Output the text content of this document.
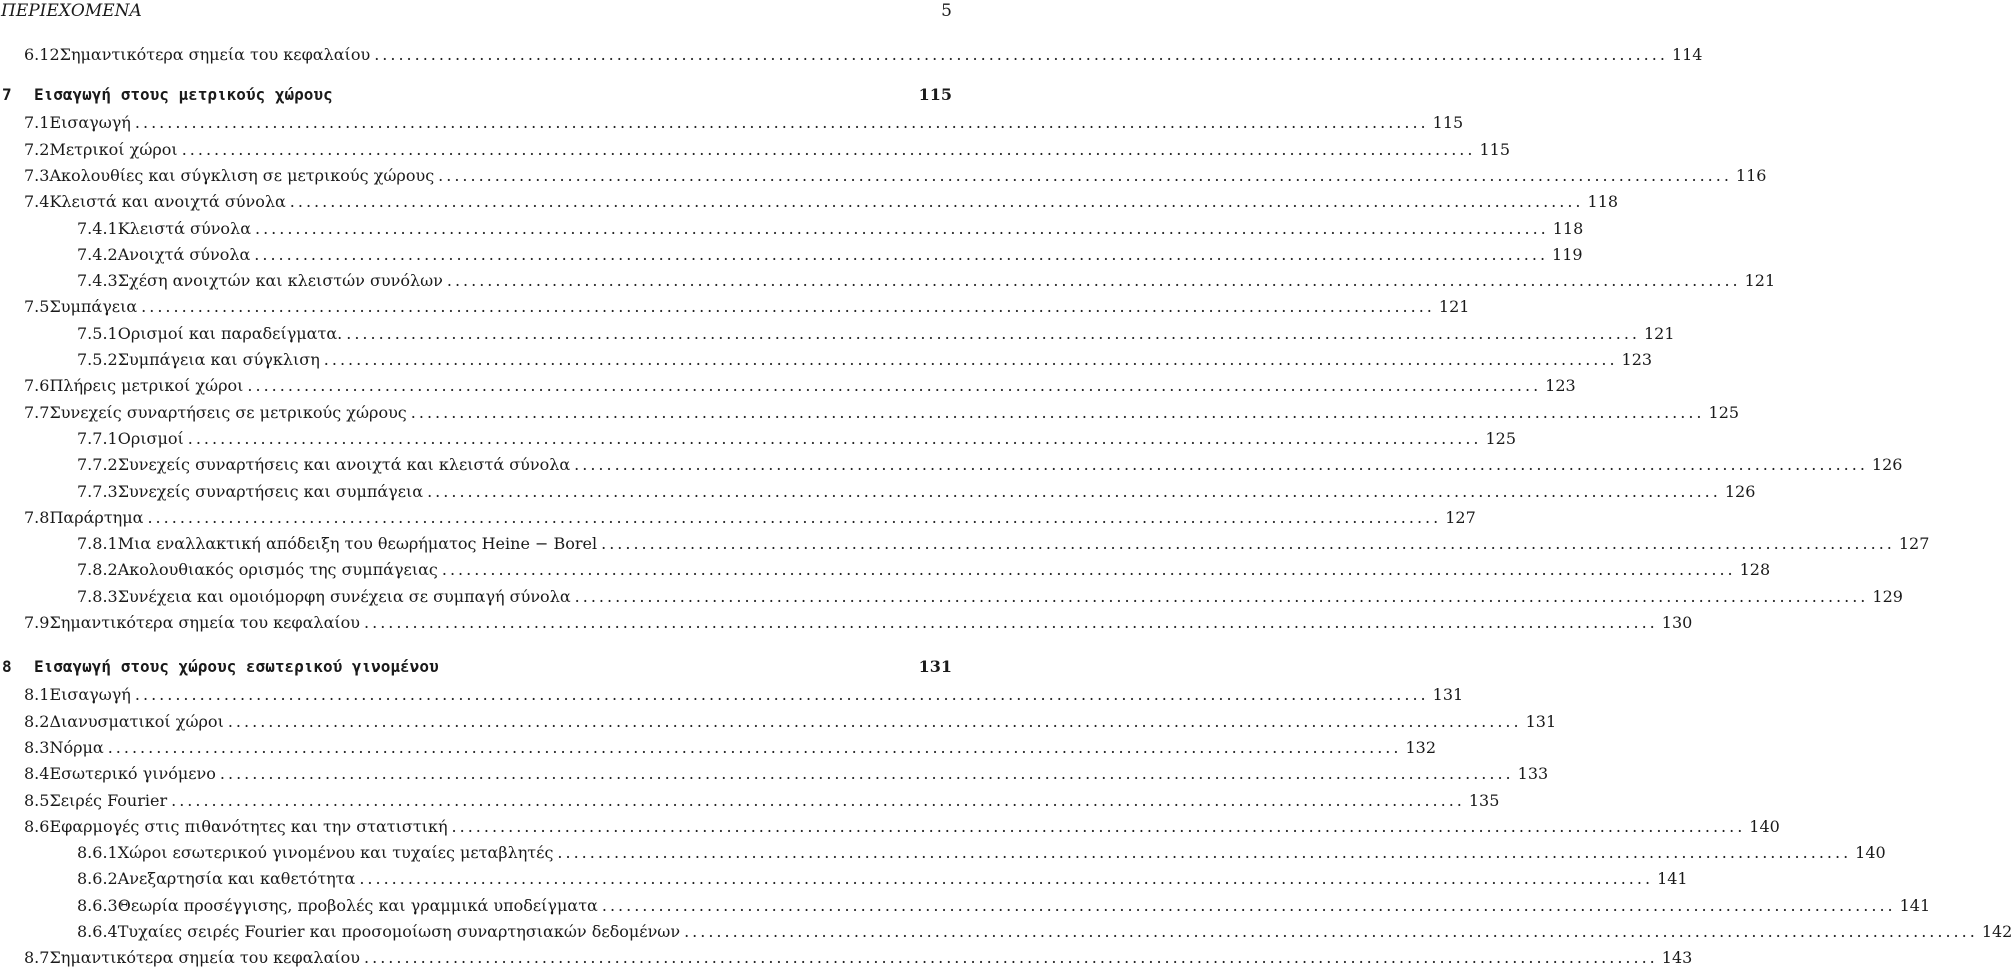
ΠΕΡΙΕΧΟΜΕΝΑ	5
6.12 Σημαντικότερα σημεία του κεφαλαίου ................................................................................................................................................................ 114
7	Εισαγωγή στους μετρικούς χώρους	115
7.1 Εισαγωγή ................................................................................................................................................................ 115
7.2 Μετρικοί χώροι ................................................................................................................................................................ 115
7.3 Ακολουθίες και σύγκλιση σε μετρικούς χώρους ................................................................................................................................................................ 116
7.4 Κλειστά και ανοιχτά σύνολα ................................................................................................................................................................ 118
7.4.1 Κλειστά σύνολα ................................................................................................................................................................ 118
7.4.2 Ανοιχτά σύνολα ................................................................................................................................................................ 119
7.4.3 Σχέση ανοιχτών και κλειστών συνόλων ................................................................................................................................................................ 121
7.5 Συμπάγεια ................................................................................................................................................................ 121
7.5.1 Ορισμοί και παραδείγματα. ................................................................................................................................................................ 121
7.5.2 Συμπάγεια και σύγκλιση ................................................................................................................................................................ 123
7.6 Πλήρεις μετρικοί χώροι ................................................................................................................................................................ 123
7.7 Συνεχείς συναρτήσεις σε μετρικούς χώρους ................................................................................................................................................................ 125
7.7.1 Ορισμοί ................................................................................................................................................................ 125
7.7.2 Συνεχείς συναρτήσεις και ανοιχτά και κλειστά σύνολα ................................................................................................................................................................ 126
7.7.3 Συνεχείς συναρτήσεις και συμπάγεια ................................................................................................................................................................ 126
7.8 Παράρτημα ................................................................................................................................................................ 127
7.8.1 Μια εναλλακτική απόδειξη του θεωρήματος Heine − Borel ................................................................................................................................................................ 127
7.8.2 Ακολουθιακός ορισμός της συμπάγειας ................................................................................................................................................................ 128
7.8.3 Συνέχεια και ομοιόμορφη συνέχεια σε συμπαγή σύνολα ................................................................................................................................................................ 129
7.9 Σημαντικότερα σημεία του κεφαλαίου ................................................................................................................................................................ 130
8	Εισαγωγή στους χώρους εσωτερικού γινομένου	131
8.1 Εισαγωγή ................................................................................................................................................................ 131
8.2 Διανυσματικοί χώροι ................................................................................................................................................................ 131
8.3 Νόρμα ................................................................................................................................................................ 132
8.4 Εσωτερικό γινόμενο ................................................................................................................................................................ 133
8.5 Σειρές Fourier ................................................................................................................................................................ 135
8.6 Εφαρμογές στις πιθανότητες και την στατιστική ................................................................................................................................................................ 140
8.6.1 Χώροι εσωτερικού γινομένου και τυχαίες μεταβλητές ................................................................................................................................................................ 140
8.6.2 Ανεξαρτησία και καθετότητα ................................................................................................................................................................ 141
8.6.3 Θεωρία προσέγγισης, προβολές και γραμμικά υποδείγματα ................................................................................................................................................................ 141
8.6.4 Τυχαίες σειρές Fourier και προσομοίωση συναρτησιακών δεδομένων ................................................................................................................................................................ 142
8.7 Σημαντικότερα σημεία του κεφαλαίου ................................................................................................................................................................ 143
